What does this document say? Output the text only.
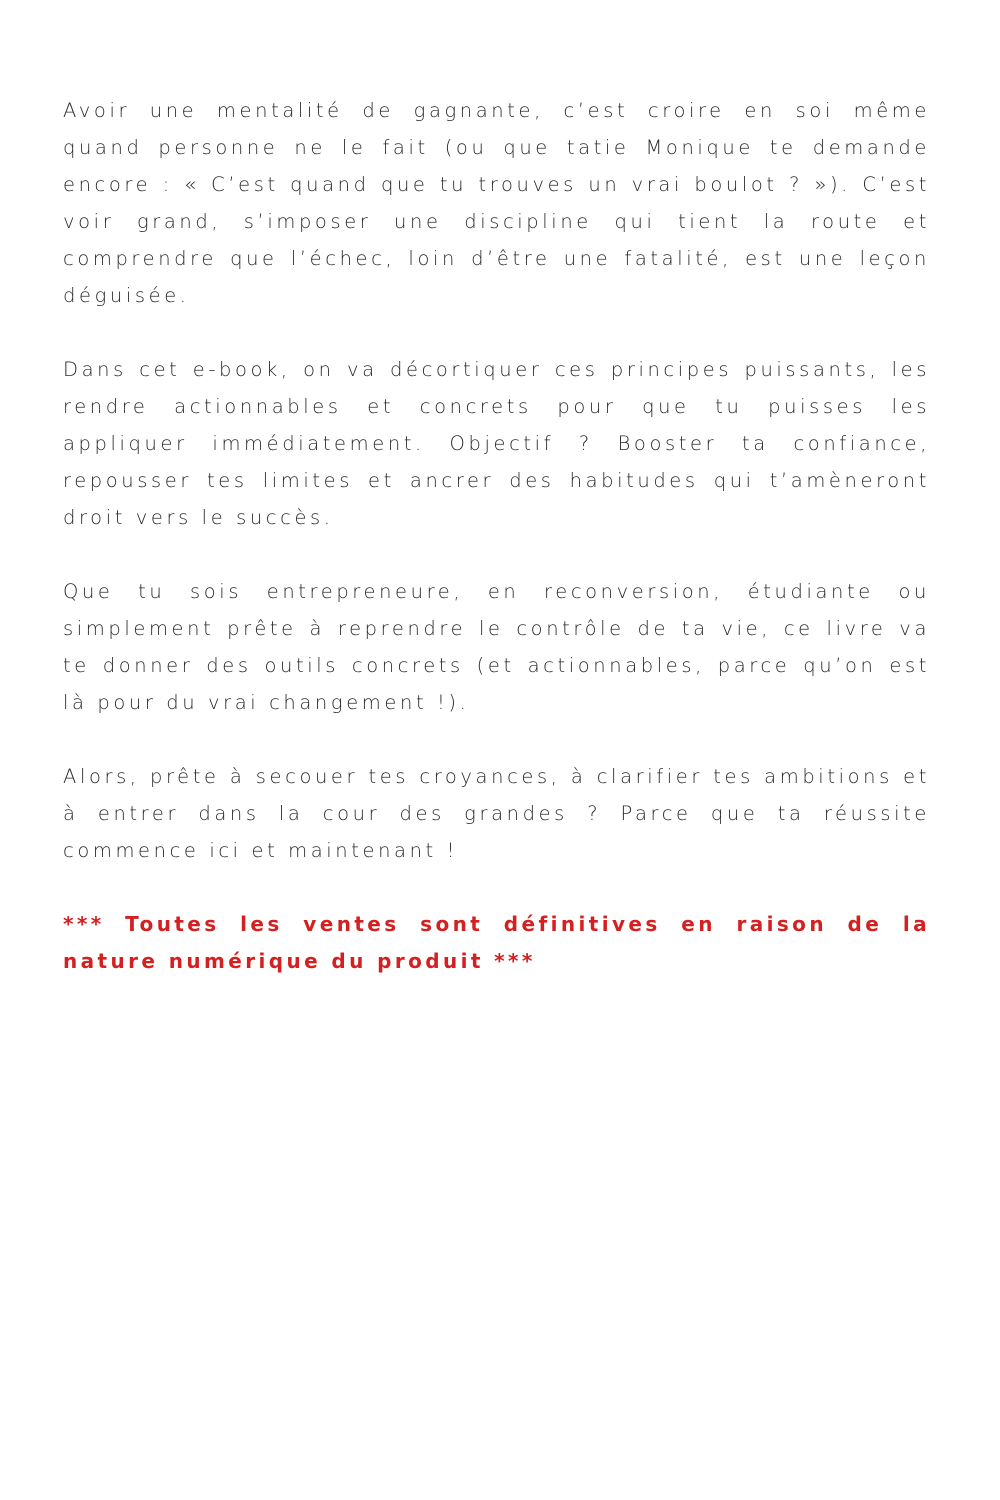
Avoir une mentalité de gagnante, c’est croire en soi même quand personne ne le fait (ou que tatie Monique te demande encore : « C’est quand que tu trouves un vrai boulot ? »). C’est voir grand, s’imposer une discipline qui tient la route et comprendre que l’échec, loin d’être une fatalité, est une leçon déguisée.

Dans cet e-book, on va décortiquer ces principes puissants, les rendre actionnables et concrets pour que tu puisses les appliquer immédiatement. Objectif ? Booster ta confiance, repousser tes limites et ancrer des habitudes qui t’amèneront droit vers le succès.

Que tu sois entrepreneure, en reconversion, étudiante ou simplement prête à reprendre le contrôle de ta vie, ce livre va te donner des outils concrets (et actionnables, parce qu’on est là pour du vrai changement !).

Alors, prête à secouer tes croyances, à clarifier tes ambitions et à entrer dans la cour des grandes ? Parce que ta réussite commence ici et maintenant !

*** Toutes les ventes sont définitives en raison de la nature numérique du produit ***
